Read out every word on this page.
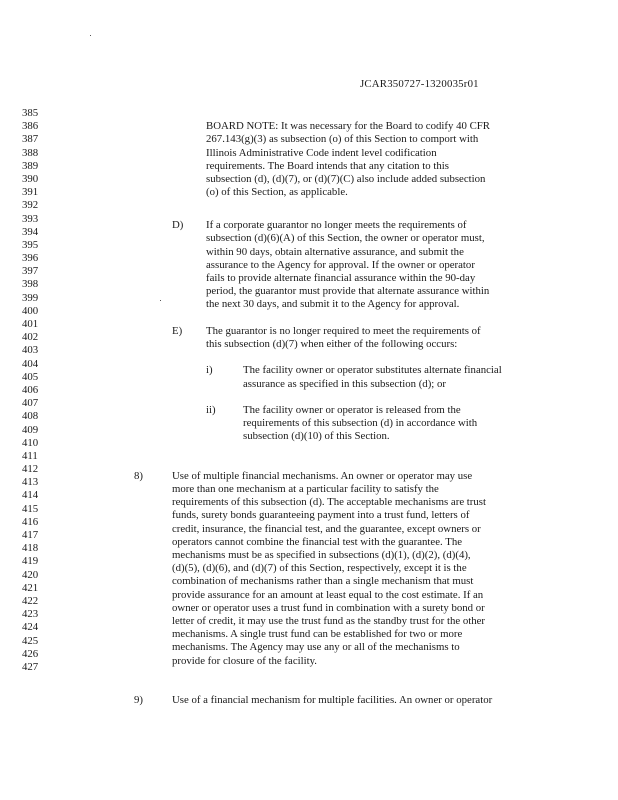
JCAR350727-1320035r01
385
386
387
388
389
390
391
392
393
394
395
396
397
398
399
400
401
402
403
404
405
406
407
408
409
410
411
412
413
414
415
416
417
418
419
420
421
422
423
424
425
426
427
BOARD NOTE: It was necessary for the Board to codify 40 CFR
267.143(g)(3) as subsection (o) of this Section to comport with
Illinois Administrative Code indent level codification
requirements. The Board intends that any citation to this
subsection (d), (d)(7), or (d)(7)(C) also include added subsection
(o) of this Section, as applicable.
D) If a corporate guarantor no longer meets the requirements of
subsection (d)(6)(A) of this Section, the owner or operator must,
within 90 days, obtain alternative assurance, and submit the
assurance to the Agency for approval. If the owner or operator
fails to provide alternate financial assurance within the 90-day
period, the guarantor must provide that alternate assurance within
the next 30 days, and submit it to the Agency for approval.
E) The guarantor is no longer required to meet the requirements of
this subsection (d)(7) when either of the following occurs:
i)	The facility owner or operator substitutes alternate financial
assurance as specified in this subsection (d); or
ii)	The facility owner or operator is released from the
requirements of this subsection (d) in accordance with
subsection (d)(10) of this Section.
8)	Use of multiple financial mechanisms. An owner or operator may use
more than one mechanism at a particular facility to satisfy the
requirements of this subsection (d). The acceptable mechanisms are trust
funds, surety bonds guaranteeing payment into a trust fund, letters of
credit, insurance, the financial test, and the guarantee, except owners or
operators cannot combine the financial test with the guarantee. The
mechanisms must be as specified in subsections (d)(1), (d)(2), (d)(4),
(d)(5), (d)(6), and (d)(7) of this Section, respectively, except it is the
combination of mechanisms rather than a single mechanism that must
provide assurance for an amount at least equal to the cost estimate. If an
owner or operator uses a trust fund in combination with a surety bond or
letter of credit, it may use the trust fund as the standby trust for the other
mechanisms. A single trust fund can be established for two or more
mechanisms. The Agency may use any or all of the mechanisms to
provide for closure of the facility.
9)	Use of a financial mechanism for multiple facilities. An owner or operator
